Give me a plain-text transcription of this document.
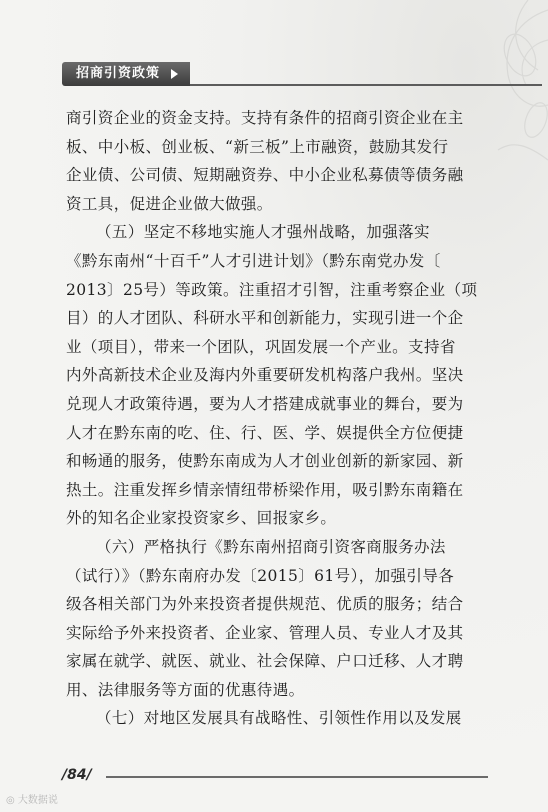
招商引资政策
商引资企业的资金支持。支持有条件的招商引资企业在主
板、中小板、创业板、“新三板”上市融资，鼓励其发行
企业债、公司债、短期融资券、中小企业私募债等债务融
资工具，促进企业做大做强。
（五）坚定不移地实施人才强州战略，加强落实
《黔东南州“十百千”人才引进计划》（黔东南党办发〔
2013〕25号）等政策。注重招才引智，注重考察企业（项
目）的人才团队、科研水平和创新能力，实现引进一个企
业（项目），带来一个团队，巩固发展一个产业。支持省
内外高新技术企业及海内外重要研发机构落户我州。坚决
兑现人才政策待遇，要为人才搭建成就事业的舞台，要为
人才在黔东南的吃、住、行、医、学、娱提供全方位便捷
和畅通的服务，使黔东南成为人才创业创新的新家园、新
热土。注重发挥乡情亲情纽带桥梁作用，吸引黔东南籍在
外的知名企业家投资家乡、回报家乡。
（六）严格执行《黔东南州招商引资客商服务办法
（试行）》（黔东南府办发〔2015〕61号），加强引导各
级各相关部门为外来投资者提供规范、优质的服务；结合
实际给予外来投资者、企业家、管理人员、专业人才及其
家属在就学、就医、就业、社会保障、户口迁移、人才聘
用、法律服务等方面的优惠待遇。
（七）对地区发展具有战略性、引领性作用以及发展
/84/
◎ 大数据说
